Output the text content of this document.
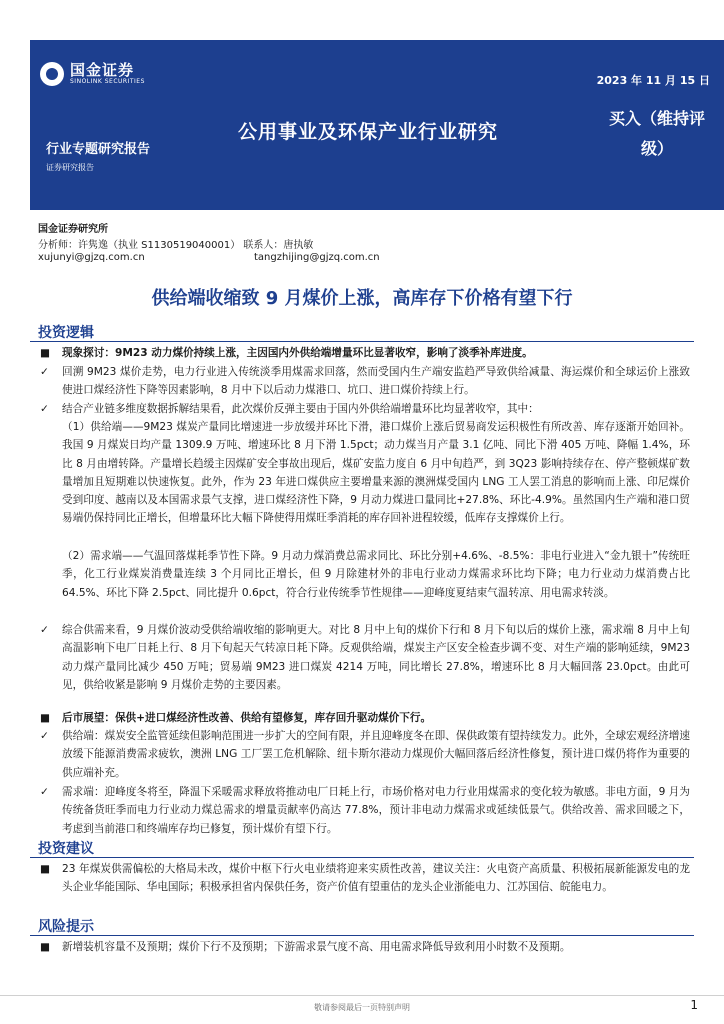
国金证券
SINOLINK SECURITIES	2023 年 11 月 15 日
公用事业及环保产业行业研究
买入（维持评级）
行业专题研究报告
证券研究报告
国金证券研究所
分析师：许隽逸（执业 S1130519040001） 联系人：唐执敏
xujunyi@gjzq.com.cn	tangzhijing@gjzq.com.cn
供给端收缩致 9 月煤价上涨，高库存下价格有望下行
投资逻辑
■	现象探讨：9M23 动力煤价持续上涨，主因国内外供给端增量环比显著收窄，影响了淡季补库进度。
✓	回溯 9M23 煤价走势，电力行业进入传统淡季用煤需求回落，然而受国内生产端安监趋严导致供给减量、海运煤价和全球运价上涨致使进口煤经济性下降等因素影响，8 月中下以后动力煤港口、坑口、进口煤价持续上行。
✓	结合产业链多维度数据拆解结果看，此次煤价反弹主要由于国内外供给端增量环比均显著收窄，其中：
（1）供给端——9M23 煤炭产量同比增速进一步放缓并环比下滑，港口煤价上涨后贸易商发运积极性有所改善、库存逐渐开始回补。我国 9 月煤炭日均产量 1309.9 万吨、增速环比 8 月下滑 1.5pct；动力煤当月产量 3.1 亿吨、同比下滑 405 万吨、降幅 1.4%，环比 8 月由增转降。产量增长趋缓主因煤矿安全事故出现后，煤矿安监力度自 6 月中旬趋严，到 3Q23 影响持续存在、停产整顿煤矿数量增加且短期难以快速恢复。此外，作为 23 年进口煤供应主要增量来源的澳洲煤受国内 LNG 工人罢工消息的影响而上涨、印尼煤价受到印度、越南以及本国需求景气支撑，进口煤经济性下降，9 月动力煤进口量同比+27.8%、环比-4.9%。虽然国内生产端和港口贸易端仍保持同比正增长，但增量环比大幅下降使得用煤旺季消耗的库存回补进程较缓，低库存支撑煤价上行。
（2）需求端——气温回落煤耗季节性下降。9 月动力煤消费总需求同比、环比分别+4.6%、-8.5%：非电行业进入“金九银十”传统旺季，化工行业煤炭消费量连续 3 个月同比正增长，但 9 月除建材外的非电行业动力煤需求环比均下降；电力行业动力煤消费占比 64.5%、环比下降 2.5pct、同比提升 0.6pct，符合行业传统季节性规律——迎峰度夏结束气温转凉、用电需求转淡。
✓	综合供需来看，9 月煤价波动受供给端收缩的影响更大。对比 8 月中上旬的煤价下行和 8 月下旬以后的煤价上涨，需求端 8 月中上旬高温影响下电厂日耗上行、8 月下旬起天气转凉日耗下降。反观供给端，煤炭主产区安全检查步调不变、对生产端的影响延续，9M23 动力煤产量同比减少 450 万吨；贸易端 9M23 进口煤炭 4214 万吨，同比增长 27.8%，增速环比 8 月大幅回落 23.0pct。由此可见，供给收紧是影响 9 月煤价走势的主要因素。
■	后市展望：保供+进口煤经济性改善、供给有望修复，库存回升驱动煤价下行。
✓	供给端：煤炭安全监管延续但影响范围进一步扩大的空间有限，并且迎峰度冬在即、保供政策有望持续发力。此外，全球宏观经济增速放缓下能源消费需求疲软，澳洲 LNG 工厂罢工危机解除、纽卡斯尔港动力煤现价大幅回落后经济性修复，预计进口煤仍将作为重要的供应端补充。
✓	需求端：迎峰度冬将至，降温下采暖需求释放将推动电厂日耗上行，市场价格对电力行业用煤需求的变化较为敏感。非电方面，9 月为传统备货旺季而电力行业动力煤总需求的增量贡献率仍高达 77.8%，预计非电动力煤需求或延续低景气。供给改善、需求回暖之下，考虑到当前港口和终端库存均已修复，预计煤价有望下行。
投资建议
■	23 年煤炭供需偏松的大格局未改，煤价中枢下行火电业绩将迎来实质性改善，建议关注：火电资产高质量、积极拓展新能源发电的龙头企业华能国际、华电国际；积极承担省内保供任务，资产价值有望重估的龙头企业浙能电力、江苏国信、皖能电力。
风险提示
■	新增装机容量不及预期；煤价下行不及预期；下游需求景气度不高、用电需求降低导致利用小时数不及预期。
敬请参阅最后一页特别声明	1
